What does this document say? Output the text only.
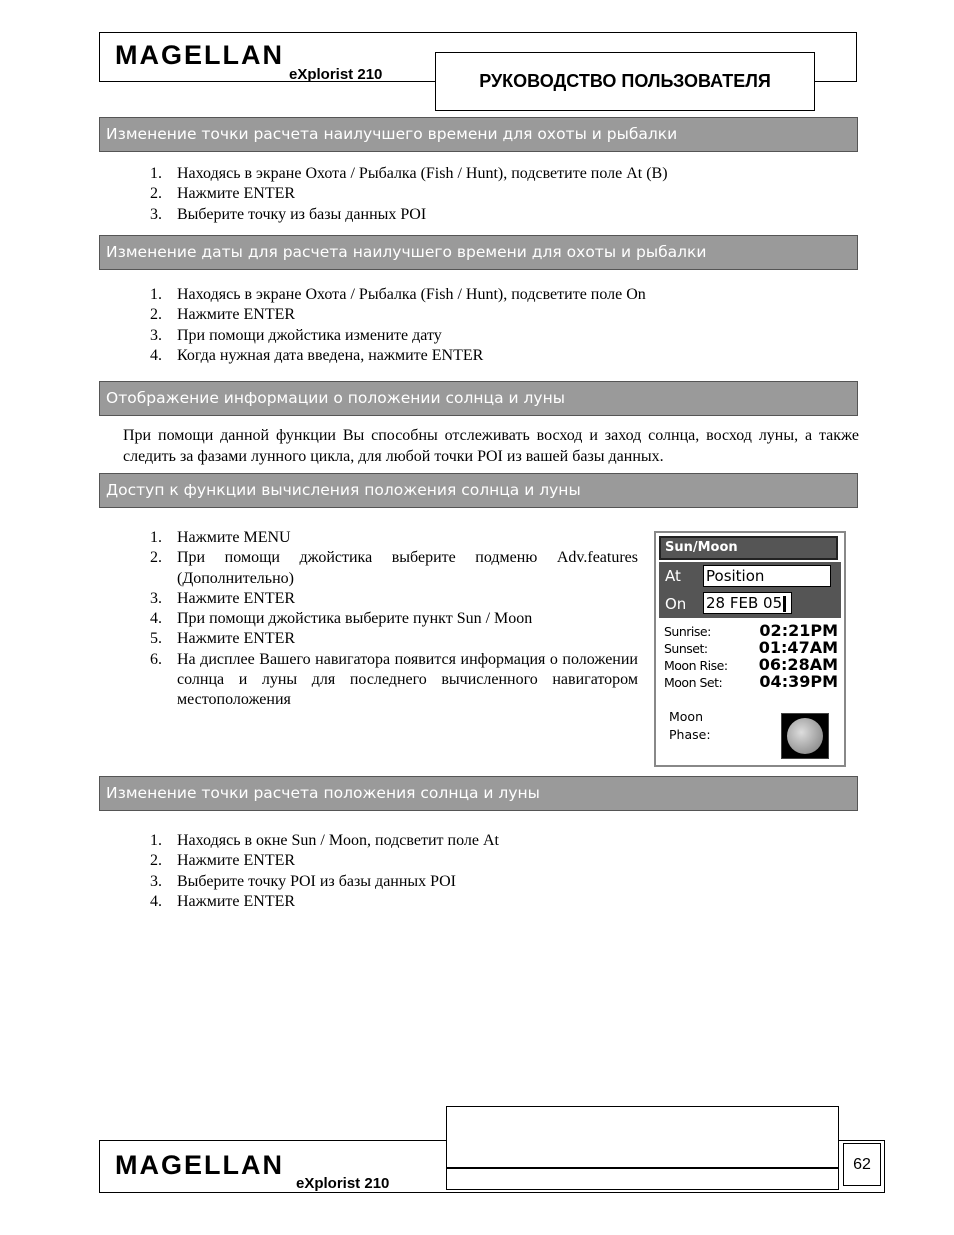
MAGELLAN
eXplorist 210	РУКОВОДСТВО ПОЛЬЗОВАТЕЛЯ
Изменение точки расчета наилучшего времени для охоты и рыбалки
1. Находясь в экране Охота / Рыбалка (Fish / Hunt), подсветите поле At (B)
2. Нажмите ENTER
3. Выберите точку из базы данных POI
Изменение даты для расчета наилучшего времени для охоты и рыбалки
1. Находясь в экране Охота / Рыбалка (Fish / Hunt), подсветите поле On
2. Нажмите ENTER
3. При помощи джойстика измените дату
4. Когда нужная дата введена, нажмите ENTER
Отображение информации о положении солнца и луны

При помощи данной функции Вы способны отслеживать восход и заход солнца, восход луны, а также следить за фазами лунного цикла, для любой точки POI из вашей базы данных.

Доступ к функции вычисления положения солнца и луны
1. Нажмите MENU
2. При помощи джойстика выберите подменю Adv.features (Дополнительно)
3. Нажмите ENTER
4. При помощи джойстика выберите пункт Sun / Moon
5. Нажмите ENTER
6. На дисплее Вашего навигатора появится информация о положении солнца и луны для последнего вычисленного навигатором местоположения
Sun/Moon
At Position
On 28 FEB 05
Sunrise:	02:21PM
Sunset:	01:47AM
Moon Rise: 06:28AM
Moon Set: 04:39PM
Moon
Phase:
Изменение точки расчета положения солнца и луны
1. Находясь в окне Sun / Moon, подсветит поле At
2. Нажмите ENTER
3. Выберите точку POI из базы данных POI
4. Нажмите ENTER
MAGELLAN
eXplorist 210
62
